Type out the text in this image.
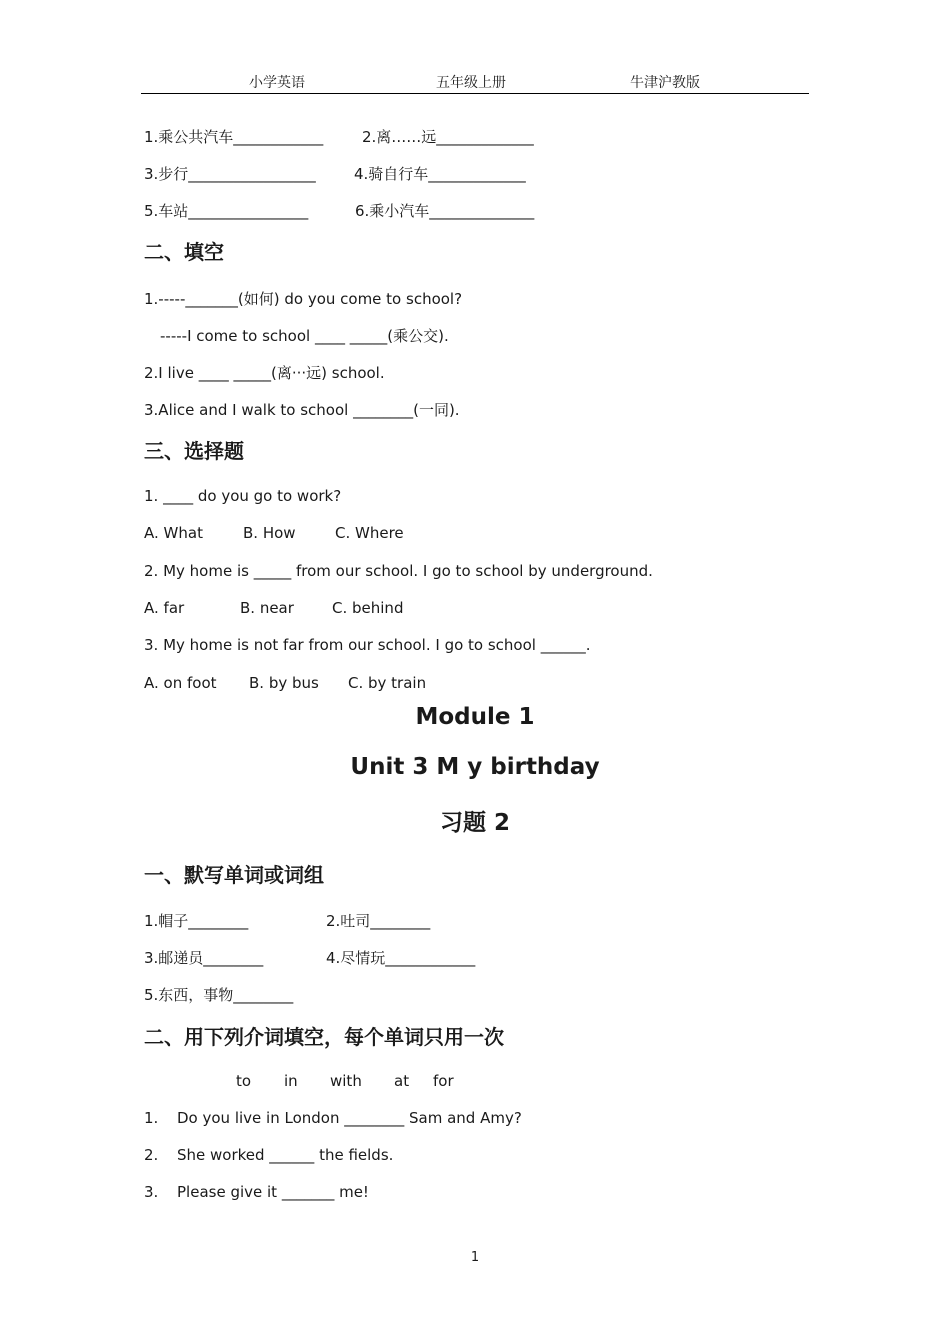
小学英语	五年级上册	牛津沪教版
1.乘公共汽车____________	2.离……远_____________
3.步行_________________	4.骑自行车_____________
5.车站________________	6.乘小汽车______________
二、填空
1.-----_______(如何) do you come to school?
-----I come to school ____ _____(乘公交).
2.I live ____ _____(离···远) school.
3.Alice and I walk to school ________(一同).
三、选择题
1. ____ do you go to work?
A. What	B. How	C. Where
2. My home is _____ from our school. I go to school by underground.
A. far	B. near	C. behind
3. My home is not far from our school. I go to school ______.
A. on foot B. by bus C. by train
Module 1
Unit 3 M y birthday
习题 2
一、默写单词或词组
1.帽子________	2.吐司________
3.邮递员________	4.尽情玩____________
5.东西，事物________
二、用下列介词填空，每个单词只用一次
to in with at for
1. Do you live in London ________ Sam and Amy?
2. She worked ______ the fields.
3. Please give it _______ me!
1
